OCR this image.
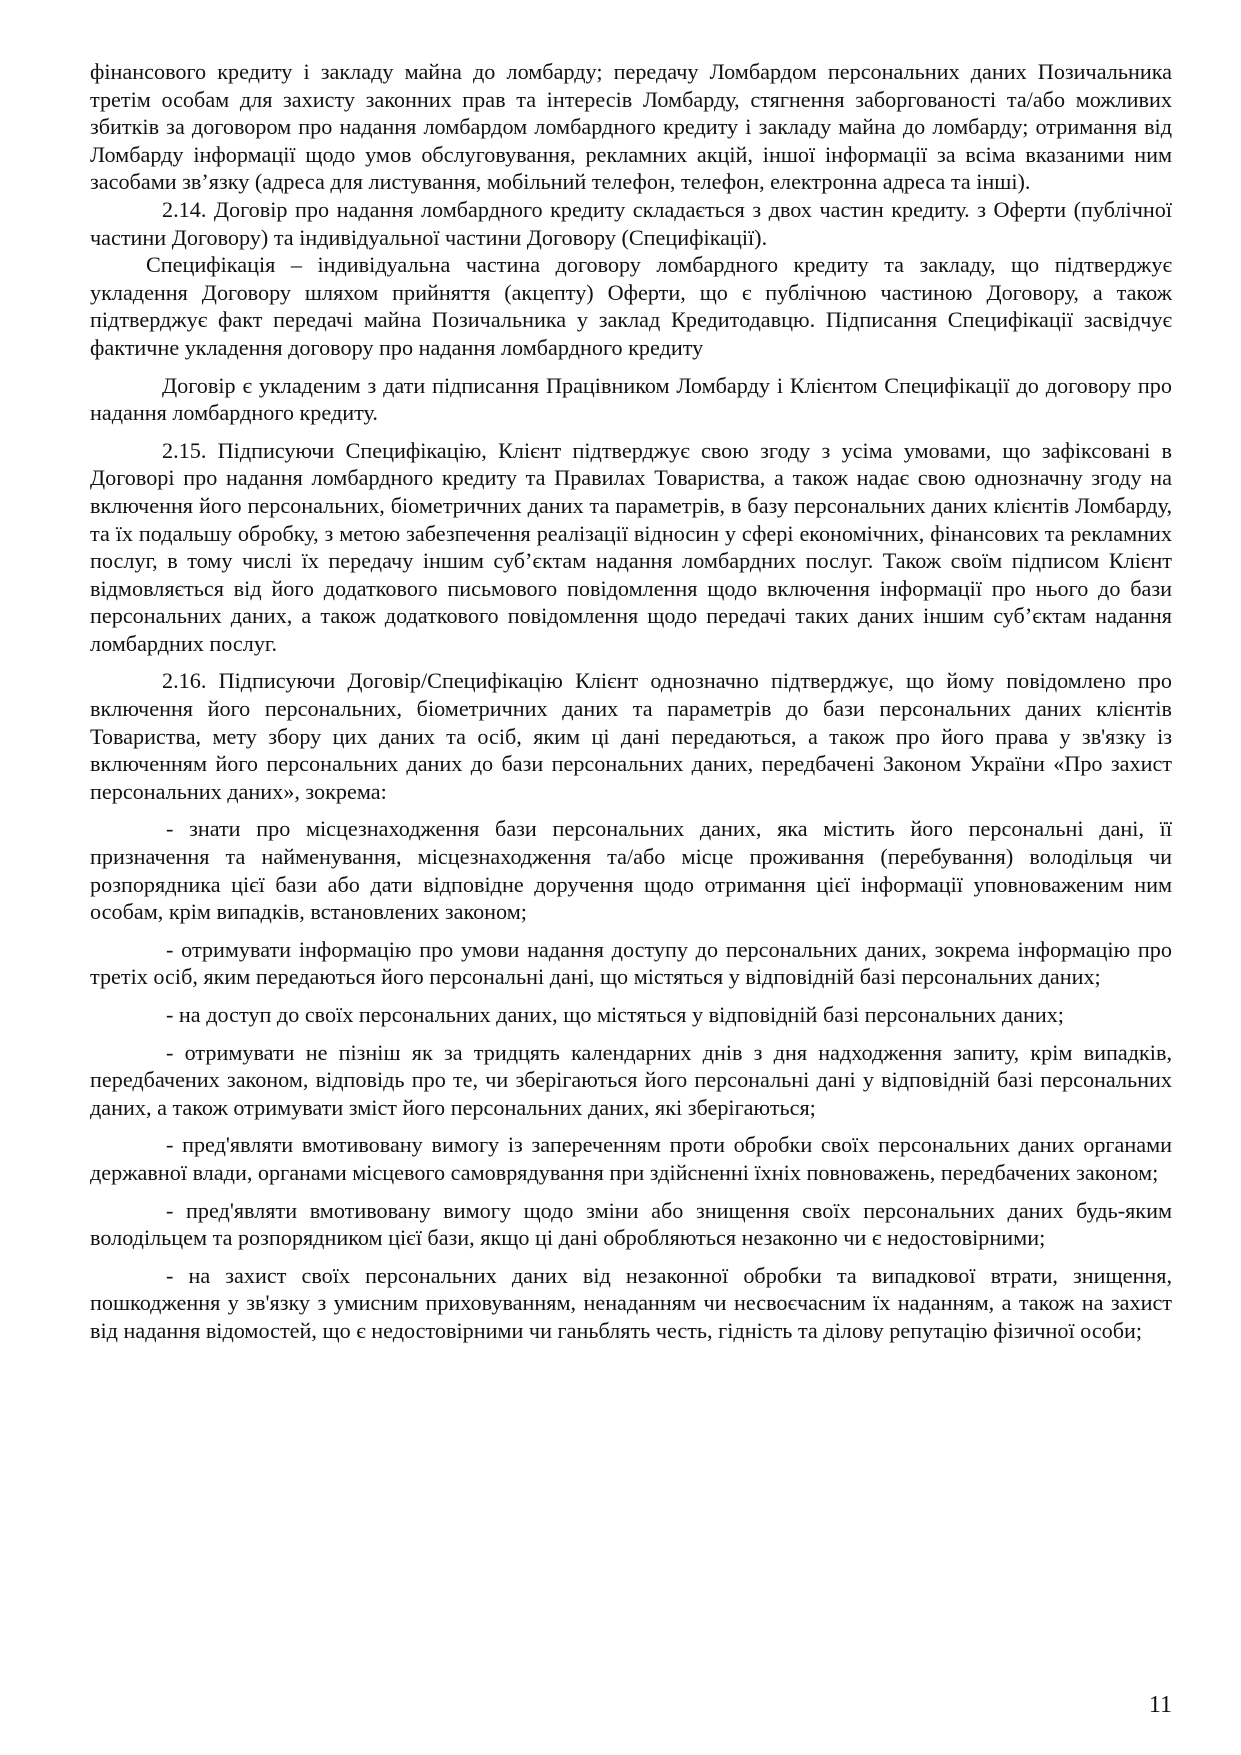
фінансового кредиту і закладу майна до ломбарду; передачу Ломбардом персональних даних Позичальника третім особам для захисту законних прав та інтересів Ломбарду, стягнення заборгованості та/або можливих збитків за договором про надання ломбардом ломбардного кредиту і закладу майна до ломбарду; отримання від Ломбарду інформації щодо умов обслуговування, рекламних акцій, іншої інформації за всіма вказаними ним засобами зв’язку (адреса для листування, мобільний телефон, телефон, електронна адреса та інші).

2.14. Договір про надання ломбардного кредиту складається з двох частин кредиту. з Оферти (публічної частини Договору) та індивідуальної частини Договору (Специфікації).

Специфікація – індивідуальна частина договору ломбардного кредиту та закладу, що підтверджує укладення Договору шляхом прийняття (акцепту) Оферти, що є публічною частиною Договору, а також підтверджує факт передачі майна Позичальника у заклад Кредитодавцю. Підписання Специфікації засвідчує фактичне укладення договору про надання ломбардного кредиту

Договір є укладеним з дати підписання Працівником Ломбарду і Клієнтом Специфікації до договору про надання ломбардного кредиту.

2.15. Підписуючи Специфікацію, Клієнт підтверджує свою згоду з усіма умовами, що зафіксовані в Договорі про надання ломбардного кредиту та Правилах Товариства, а також надає свою однозначну згоду на включення його персональних, біометричних даних та параметрів, в базу персональних даних клієнтів Ломбарду, та їх подальшу обробку, з метою забезпечення реалізації відносин у сфері економічних, фінансових та рекламних послуг, в тому числі їх передачу іншим суб’єктам надання ломбардних послуг. Також своїм підписом Клієнт відмовляється від його додаткового письмового повідомлення щодо включення інформації про нього до бази персональних даних, а також додаткового повідомлення щодо передачі таких даних іншим суб’єктам надання ломбардних послуг.

2.16. Підписуючи Договір/Специфікацію Клієнт однозначно підтверджує, що йому повідомлено про включення його персональних, біометричних даних та параметрів до бази персональних даних клієнтів Товариства, мету збору цих даних та осіб, яким ці дані передаються, а також про його права у зв'язку із включенням його персональних даних до бази персональних даних, передбачені Законом України «Про захист персональних даних», зокрема:

- знати про місцезнаходження бази персональних даних, яка містить його персональні дані, її призначення та найменування, місцезнаходження та/або місце проживання (перебування) володільця чи розпорядника цієї бази або дати відповідне доручення щодо отримання цієї інформації уповноваженим ним особам, крім випадків, встановлених законом;

- отримувати інформацію про умови надання доступу до персональних даних, зокрема інформацію про третіх осіб, яким передаються його персональні дані, що містяться у відповідній базі персональних даних;

- на доступ до своїх персональних даних, що містяться у відповідній базі персональних даних;

- отримувати не пізніш як за тридцять календарних днів з дня надходження запиту, крім випадків, передбачених законом, відповідь про те, чи зберігаються його персональні дані у відповідній базі персональних даних, а також отримувати зміст його персональних даних, які зберігаються;

- пред'являти вмотивовану вимогу із запереченням проти обробки своїх персональних даних органами державної влади, органами місцевого самоврядування при здійсненні їхніх повноважень, передбачених законом;

- пред'являти вмотивовану вимогу щодо зміни або знищення своїх персональних даних будь-яким володільцем та розпорядником цієї бази, якщо ці дані обробляються незаконно чи є недостовірними;

- на захист своїх персональних даних від незаконної обробки та випадкової втрати, знищення, пошкодження у зв'язку з умисним приховуванням, ненаданням чи несвоєчасним їх наданням, а також на захист від надання відомостей, що є недостовірними чи ганьблять честь, гідність та ділову репутацію фізичної особи;

11
